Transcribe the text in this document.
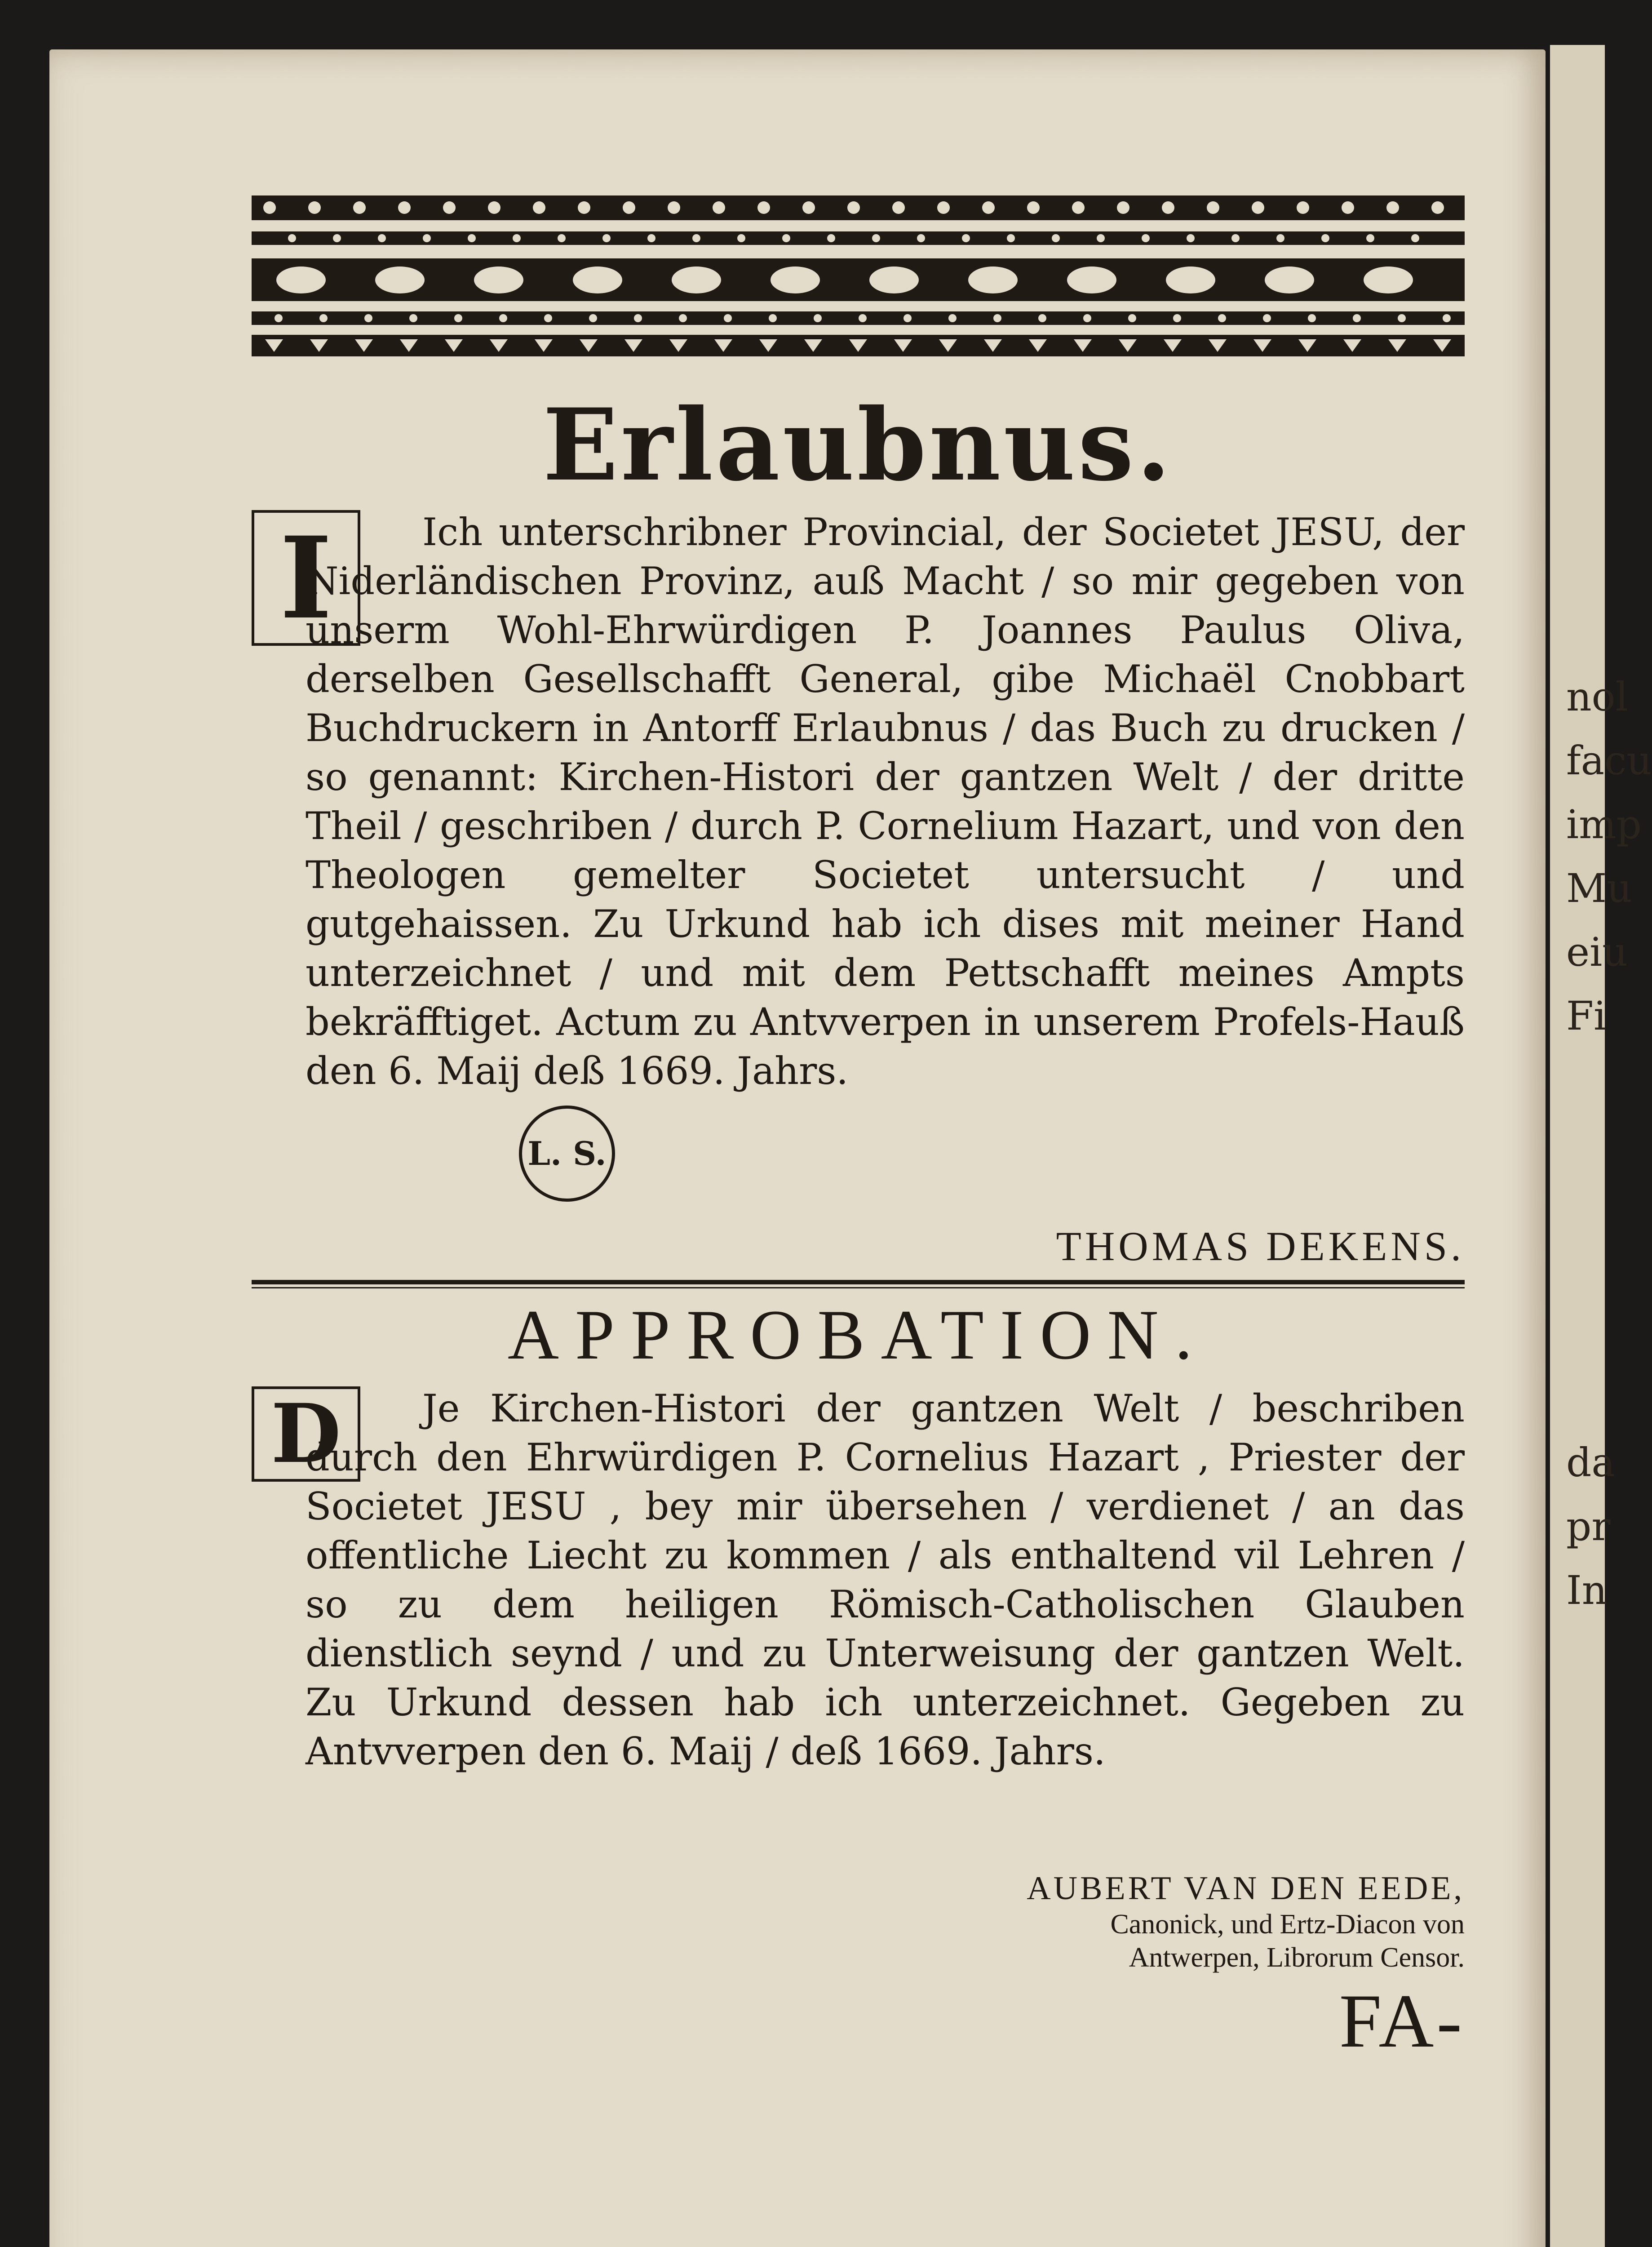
nol
facu
imp
Mu
eiu
Fi

da
pr
In
Erlaubnus.
I	Ich unterschribner Provincial, der Societet JESU, der Niderländischen Provinz, auß Macht / so mir gegeben von unserm Wohl-Ehrwürdigen P. Joannes Paulus Oliva, derselben Gesellschafft General, gibe Michaël Cnobbart Buchdruckern in Antorff Erlaubnus / das Buch zu drucken / so genannt: Kirchen-Histori der gantzen Welt / der dritte Theil / geschriben / durch P. Cornelium Hazart, und von den Theologen gemelter Societet untersucht / und gutgehaissen. Zu Urkund hab ich dises mit meiner Hand unterzeichnet / und mit dem Pettschafft meines Ampts bekräfftiget. Actum zu Antvverpen in unserem Profels-Hauß den 6. Maij deß 1669. Jahrs.
L. S.
THOMAS DEKENS.
APPROBATION.
D	Je Kirchen-Histori der gantzen Welt / beschriben durch den Ehrwürdigen P. Cornelius Hazart , Priester der Societet JESU , bey mir übersehen / verdienet / an das offentliche Liecht zu kommen / als enthaltend vil Lehren / so zu dem heiligen Römisch-Catholischen Glauben dienstlich seynd / und zu Unterweisung der gantzen Welt. Zu Urkund dessen hab ich unterzeichnet. Gegeben zu Antvverpen den 6. Maij / deß 1669. Jahrs.
AUBERT VAN DEN EEDE,
Canonick, und Ertz-Diacon von Antwerpen, Librorum Censor.
FA-
